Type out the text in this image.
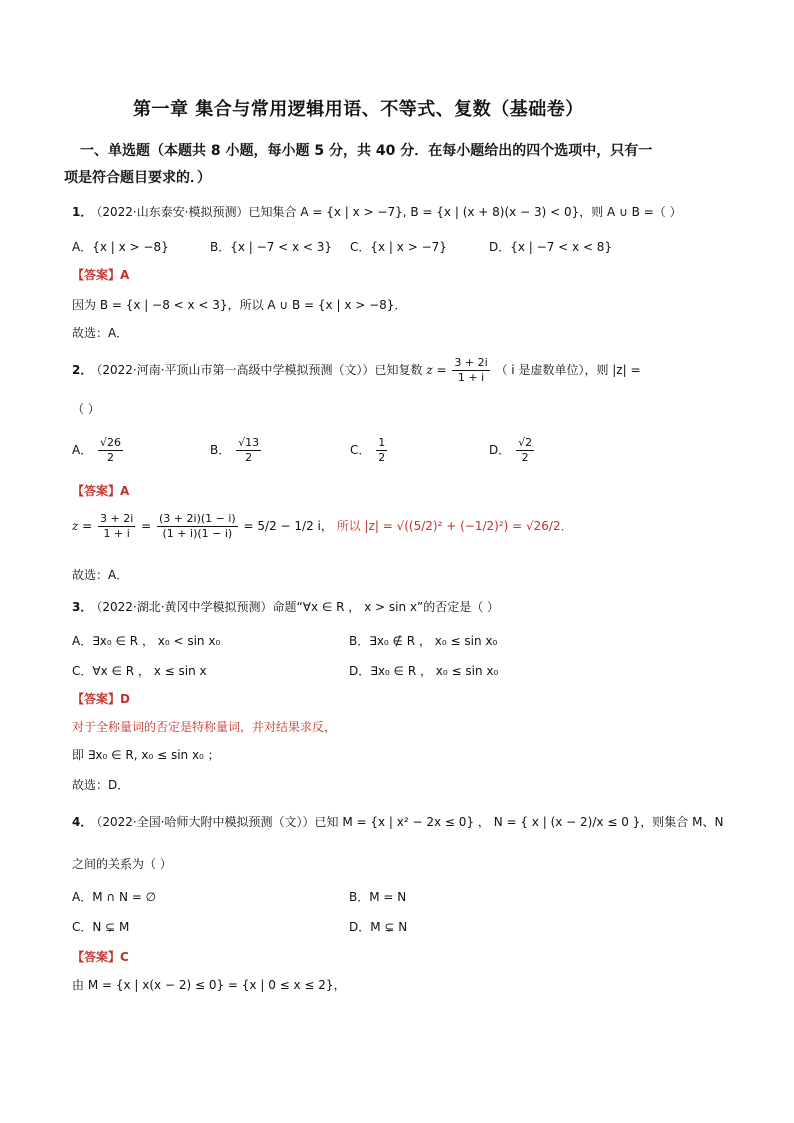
第一章 集合与常用逻辑用语、不等式、复数（基础卷）
一、单选题（本题共 8 小题，每小题 5 分，共 40 分．在每小题给出的四个选项中，只有一
项是符合题目要求的．）
1． （2022·山东泰安·模拟预测）已知集合 A = {x | x > −7}, B = {x | (x + 8)(x − 3) < 0}，则 A ∪ B =（ ）
A．{x | x > −8}	B．{x | −7 < x < 3} C．{x | x > −7}	D．{x | −7 < x < 8}
【答案】A
因为 B = {x | −8 < x < 3}，所以 A ∪ B = {x | x > −8}．
故选：A．
2． （2022·河南·平顶山市第一高级中学模拟预测（文））已知复数 $z = \frac{3 + 2i}{1 + i}$ （ i 是虚数单位），则 |z| =
（ ）
A． $\frac{√26}{2}$	B． $\frac{√13}{2}$	C． $\frac{1}{2}$	D． $\frac{√2}{2}$
【答案】A
$z = \frac{3 + 2i}{1 + i} = \frac{(3 + 2i)(1 - i)}{(1 + i)(1 - i)} = 5/2 - 1/2$ i， 所以 |z| = √((5/2)² + (−1/2)²) = √26/2．
故选：A．
3． （2022·湖北·黄冈中学模拟预测）命题“∀x ∈ R ， x > sin x”的否定是（ ）
A．∃x₀ ∈ R ， x₀ < sin x₀	B．∃x₀ ∉ R ， x₀ ≤ sin x₀
C．∀x ∈ R ， x ≤ sin x	D．∃x₀ ∈ R ， x₀ ≤ sin x₀
【答案】D
对于全称量词的否定是特称量词，并对结果求反，
即 ∃x₀ ∈ R, x₀ ≤ sin x₀ ；
故选：D．
4． （2022·全国·哈师大附中模拟预测（文））已知 M = {x | x² − 2x ≤ 0} ， N = { x | (x − 2)/x ≤ 0 }，则集合 M、N
之间的关系为（ ）
A．M ∩ N = ∅	B．M = N
C．N ⊊ M	D．M ⊊ N
【答案】C
由 M = {x | x(x − 2) ≤ 0} = {x | 0 ≤ x ≤ 2}，
